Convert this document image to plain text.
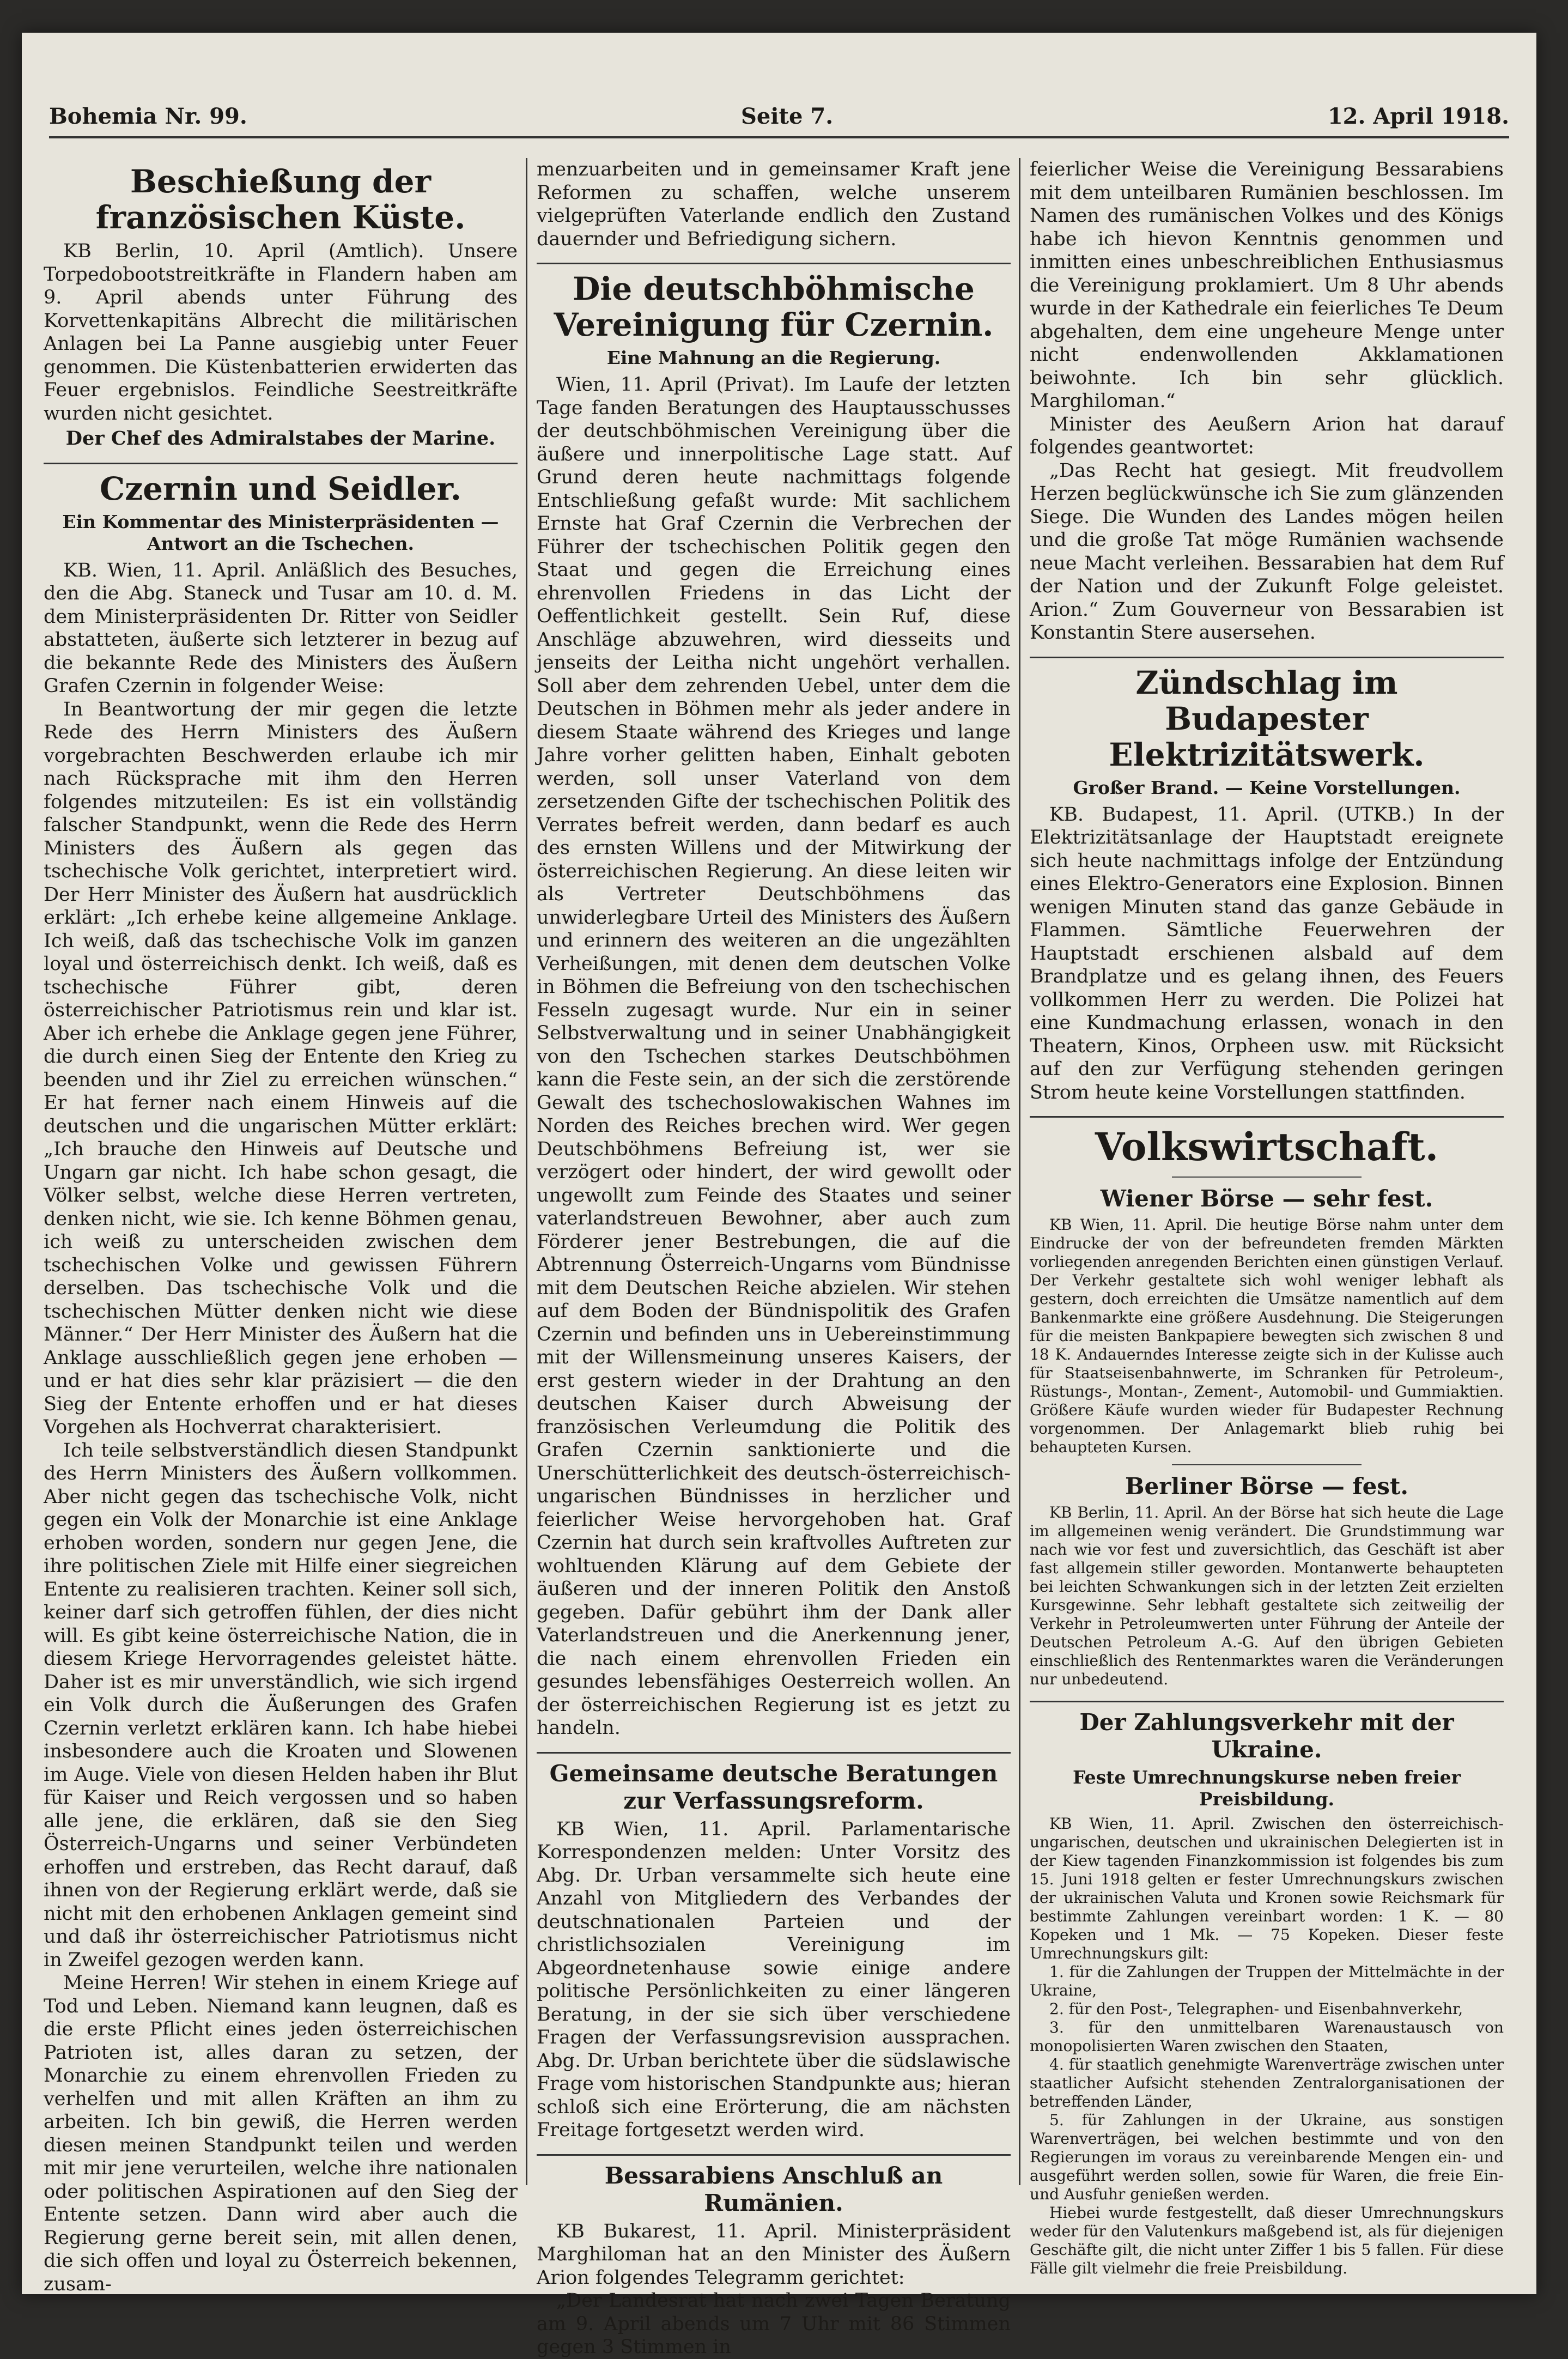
Bohemia Nr. 99.	Seite 7.	12. April 1918.
Beschießung der französischen Küste.

KB Berlin, 10. April (Amtlich). Unsere Torpedobootstreitkräfte in Flandern haben am 9. April abends unter Führung des Korvettenkapitäns Albrecht die militärischen Anlagen bei La Panne ausgiebig unter Feuer genommen. Die Küstenbatterien erwiderten das Feuer ergebnislos. Feindliche Seestreitkräfte wurden nicht gesichtet.

Der Chef des Admiralstabes der Marine.
Czernin und Seidler.
Ein Kommentar des Ministerpräsidenten — Antwort an die Tschechen.

KB. Wien, 11. April. Anläßlich des Besuches, den die Abg. Staneck und Tusar am 10. d. M. dem Ministerpräsidenten Dr. Ritter von Seidler abstatteten, äußerte sich letzterer in bezug auf die bekannte Rede des Ministers des Äußern Grafen Czernin in folgender Weise:

In Beantwortung der mir gegen die letzte Rede des Herrn Ministers des Äußern vorgebrachten Beschwerden erlaube ich mir nach Rücksprache mit ihm den Herren folgendes mitzuteilen: Es ist ein vollständig falscher Standpunkt, wenn die Rede des Herrn Ministers des Äußern als gegen das tschechische Volk gerichtet, interpretiert wird. Der Herr Minister des Äußern hat ausdrücklich erklärt: „Ich erhebe keine allgemeine Anklage. Ich weiß, daß das tschechische Volk im ganzen loyal und österreichisch denkt. Ich weiß, daß es tschechische Führer gibt, deren österreichischer Patriotismus rein und klar ist. Aber ich erhebe die Anklage gegen jene Führer, die durch einen Sieg der Entente den Krieg zu beenden und ihr Ziel zu erreichen wünschen.“ Er hat ferner nach einem Hinweis auf die deutschen und die ungarischen Mütter erklärt: „Ich brauche den Hinweis auf Deutsche und Ungarn gar nicht. Ich habe schon gesagt, die Völker selbst, welche diese Herren vertreten, denken nicht, wie sie. Ich kenne Böhmen genau, ich weiß zu unterscheiden zwischen dem tschechischen Volke und gewissen Führern derselben. Das tschechische Volk und die tschechischen Mütter denken nicht wie diese Männer.“ Der Herr Minister des Äußern hat die Anklage ausschließlich gegen jene erhoben — und er hat dies sehr klar präzisiert — die den Sieg der Entente erhoffen und er hat dieses Vorgehen als Hochverrat charakterisiert.

Ich teile selbstverständlich diesen Standpunkt des Herrn Ministers des Äußern vollkommen. Aber nicht gegen das tschechische Volk, nicht gegen ein Volk der Monarchie ist eine Anklage erhoben worden, sondern nur gegen Jene, die ihre politischen Ziele mit Hilfe einer siegreichen Entente zu realisieren trachten. Keiner soll sich, keiner darf sich getroffen fühlen, der dies nicht will. Es gibt keine österreichische Nation, die in diesem Kriege Hervorragendes geleistet hätte. Daher ist es mir unverständlich, wie sich irgend ein Volk durch die Äußerungen des Grafen Czernin verletzt erklären kann. Ich habe hiebei insbesondere auch die Kroaten und Slowenen im Auge. Viele von diesen Helden haben ihr Blut für Kaiser und Reich vergossen und so haben alle jene, die erklären, daß sie den Sieg Österreich-Ungarns und seiner Verbündeten erhoffen und erstreben, das Recht darauf, daß ihnen von der Regierung erklärt werde, daß sie nicht mit den erhobenen Anklagen gemeint sind und daß ihr österreichischer Patriotismus nicht in Zweifel gezogen werden kann.

Meine Herren! Wir stehen in einem Kriege auf Tod und Leben. Niemand kann leugnen, daß es die erste Pflicht eines jeden österreichischen Patrioten ist, alles daran zu setzen, der Monarchie zu einem ehrenvollen Frieden zu verhelfen und mit allen Kräften an ihm zu arbeiten. Ich bin gewiß, die Herren werden diesen meinen Standpunkt teilen und werden mit mir jene verurteilen, welche ihre nationalen oder politischen Aspirationen auf den Sieg der Entente setzen. Dann wird aber auch die Regierung gerne bereit sein, mit allen denen, die sich offen und loyal zu Österreich bekennen, zusam-

menzuarbeiten und in gemeinsamer Kraft jene Reformen zu schaffen, welche unserem vielgeprüften Vaterlande endlich den Zustand dauernder und Befriedigung sichern.

Die deutschböhmische Vereinigung für Czernin.
Eine Mahnung an die Regierung.

Wien, 11. April (Privat). Im Laufe der letzten Tage fanden Beratungen des Hauptausschusses der deutschböhmischen Vereinigung über die äußere und innerpolitische Lage statt. Auf Grund deren heute nachmittags folgende Entschließung gefaßt wurde: Mit sachlichem Ernste hat Graf Czernin die Verbrechen der Führer der tschechischen Politik gegen den Staat und gegen die Erreichung eines ehrenvollen Friedens in das Licht der Oeffentlichkeit gestellt. Sein Ruf, diese Anschläge abzuwehren, wird diesseits und jenseits der Leitha nicht ungehört verhallen. Soll aber dem zehrenden Uebel, unter dem die Deutschen in Böhmen mehr als jeder andere in diesem Staate während des Krieges und lange Jahre vorher gelitten haben, Einhalt geboten werden, soll unser Vaterland von dem zersetzenden Gifte der tschechischen Politik des Verrates befreit werden, dann bedarf es auch des ernsten Willens und der Mitwirkung der österreichischen Regierung. An diese leiten wir als Vertreter Deutschböhmens das unwiderlegbare Urteil des Ministers des Äußern und erinnern des weiteren an die ungezählten Verheißungen, mit denen dem deutschen Volke in Böhmen die Befreiung von den tschechischen Fesseln zugesagt wurde. Nur ein in seiner Selbstverwaltung und in seiner Unabhängigkeit von den Tschechen starkes Deutschböhmen kann die Feste sein, an der sich die zerstörende Gewalt des tschechoslowakischen Wahnes im Norden des Reiches brechen wird. Wer gegen Deutschböhmens Befreiung ist, wer sie verzögert oder hindert, der wird gewollt oder ungewollt zum Feinde des Staates und seiner vaterlandstreuen Bewohner, aber auch zum Förderer jener Bestrebungen, die auf die Abtrennung Österreich-Ungarns vom Bündnisse mit dem Deutschen Reiche abzielen. Wir stehen auf dem Boden der Bündnispolitik des Grafen Czernin und befinden uns in Uebereinstimmung mit der Willensmeinung unseres Kaisers, der erst gestern wieder in der Drahtung an den deutschen Kaiser durch Abweisung der französischen Verleumdung die Politik des Grafen Czernin sanktionierte und die Unerschütterlichkeit des deutsch-österreichisch-ungarischen Bündnisses in herzlicher und feierlicher Weise hervorgehoben hat. Graf Czernin hat durch sein kraftvolles Auftreten zur wohltuenden Klärung auf dem Gebiete der äußeren und der inneren Politik den Anstoß gegeben. Dafür gebührt ihm der Dank aller Vaterlandstreuen und die Anerkennung jener, die nach einem ehrenvollen Frieden ein gesundes lebensfähiges Oesterreich wollen. An der österreichischen Regierung ist es jetzt zu handeln.

Gemeinsame deutsche Beratungen zur Verfassungsreform.

KB Wien, 11. April. Parlamentarische Korrespondenzen melden: Unter Vorsitz des Abg. Dr. Urban versammelte sich heute eine Anzahl von Mitgliedern des Verbandes der deutschnationalen Parteien und der christlichsozialen Vereinigung im Abgeordnetenhause sowie einige andere politische Persönlichkeiten zu einer längeren Beratung, in der sie sich über verschiedene Fragen der Verfassungsrevision aussprachen. Abg. Dr. Urban berichtete über die südslawische Frage vom historischen Standpunkte aus; hieran schloß sich eine Erörterung, die am nächsten Freitage fortgesetzt werden wird.

Bessarabiens Anschluß an Rumänien.

KB Bukarest, 11. April. Ministerpräsident Marghiloman hat an den Minister des Äußern Arion folgendes Telegramm gerichtet:

„Der Landesrat hat nach zwei Tagen Beratung am 9. April abends um 7 Uhr mit 86 Stimmen gegen 3 Stimmen in

feierlicher Weise die Vereinigung Bessarabiens mit dem unteilbaren Rumänien beschlossen. Im Namen des rumänischen Volkes und des Königs habe ich hievon Kenntnis genommen und inmitten eines unbeschreiblichen Enthusiasmus die Vereinigung proklamiert. Um 8 Uhr abends wurde in der Kathedrale ein feierliches Te Deum abgehalten, dem eine ungeheure Menge unter nicht endenwollenden Akklamationen beiwohnte. Ich bin sehr glücklich. Marghiloman.“

Minister des Aeußern Arion hat darauf folgendes geantwortet:

„Das Recht hat gesiegt. Mit freudvollem Herzen beglückwünsche ich Sie zum glänzenden Siege. Die Wunden des Landes mögen heilen und die große Tat möge Rumänien wachsende neue Macht verleihen. Bessarabien hat dem Ruf der Nation und der Zukunft Folge geleistet. Arion.“ Zum Gouverneur von Bessarabien ist Konstantin Stere ausersehen.

Zündschlag im Budapester Elektrizitätswerk.
Großer Brand. — Keine Vorstellungen.

KB. Budapest, 11. April. (UTKB.) In der Elektrizitätsanlage der Hauptstadt ereignete sich heute nachmittags infolge der Entzündung eines Elektro-Generators eine Explosion. Binnen wenigen Minuten stand das ganze Gebäude in Flammen. Sämtliche Feuerwehren der Hauptstadt erschienen alsbald auf dem Brandplatze und es gelang ihnen, des Feuers vollkommen Herr zu werden. Die Polizei hat eine Kundmachung erlassen, wonach in den Theatern, Kinos, Orpheen usw. mit Rücksicht auf den zur Verfügung stehenden geringen Strom heute keine Vorstellungen stattfinden.

Volkswirtschaft.
Wiener Börse — sehr fest.

KB Wien, 11. April. Die heutige Börse nahm unter dem Eindrucke der von der befreundeten fremden Märkten vorliegenden anregenden Berichten einen günstigen Verlauf. Der Verkehr gestaltete sich wohl weniger lebhaft als gestern, doch erreichten die Umsätze namentlich auf dem Bankenmarkte eine größere Ausdehnung. Die Steigerungen für die meisten Bankpapiere bewegten sich zwischen 8 und 18 K. Andauerndes Interesse zeigte sich in der Kulisse auch für Staatseisenbahnwerte, im Schranken für Petroleum-, Rüstungs-, Montan-, Zement-, Automobil- und Gummiaktien. Größere Käufe wurden wieder für Budapester Rechnung vorgenommen. Der Anlagemarkt blieb ruhig bei behaupteten Kursen.

Berliner Börse — fest.

KB Berlin, 11. April. An der Börse hat sich heute die Lage im allgemeinen wenig verändert. Die Grundstimmung war nach wie vor fest und zuversichtlich, das Geschäft ist aber fast allgemein stiller geworden. Montanwerte behaupteten bei leichten Schwankungen sich in der letzten Zeit erzielten Kursgewinne. Sehr lebhaft gestaltete sich zeitweilig der Verkehr in Petroleumwerten unter Führung der Anteile der Deutschen Petroleum A.-G. Auf den übrigen Gebieten einschließlich des Rentenmarktes waren die Veränderungen nur unbedeutend.

Der Zahlungsverkehr mit der Ukraine.
Feste Umrechnungskurse neben freier Preisbildung.

KB Wien, 11. April. Zwischen den österreichisch-ungarischen, deutschen und ukrainischen Delegierten ist in der Kiew tagenden Finanzkommission ist folgendes bis zum 15. Juni 1918 gelten er fester Umrechnungskurs zwischen der ukrainischen Valuta und Kronen sowie Reichsmark für bestimmte Zahlungen vereinbart worden: 1 K. — 80 Kopeken und 1 Mk. — 75 Kopeken. Dieser feste Umrechnungskurs gilt:

1. für die Zahlungen der Truppen der Mittelmächte in der Ukraine,

2. für den Post-, Telegraphen- und Eisenbahnverkehr,

3. für den unmittelbaren Warenaustausch von monopolisierten Waren zwischen den Staaten,

4. für staatlich genehmigte Warenverträge zwischen unter staatlicher Aufsicht stehenden Zentralorganisationen der betreffenden Länder,

5. für Zahlungen in der Ukraine, aus sonstigen Warenverträgen, bei welchen bestimmte und von den Regierungen im voraus zu vereinbarende Mengen ein- und ausgeführt werden sollen, sowie für Waren, die freie Ein- und Ausfuhr genießen werden.

Hiebei wurde festgestellt, daß dieser Umrechnungskurs weder für den Valutenkurs maßgebend ist, als für diejenigen Geschäfte gilt, die nicht unter Ziffer 1 bis 5 fallen. Für diese Fälle gilt vielmehr die freie Preisbildung.
